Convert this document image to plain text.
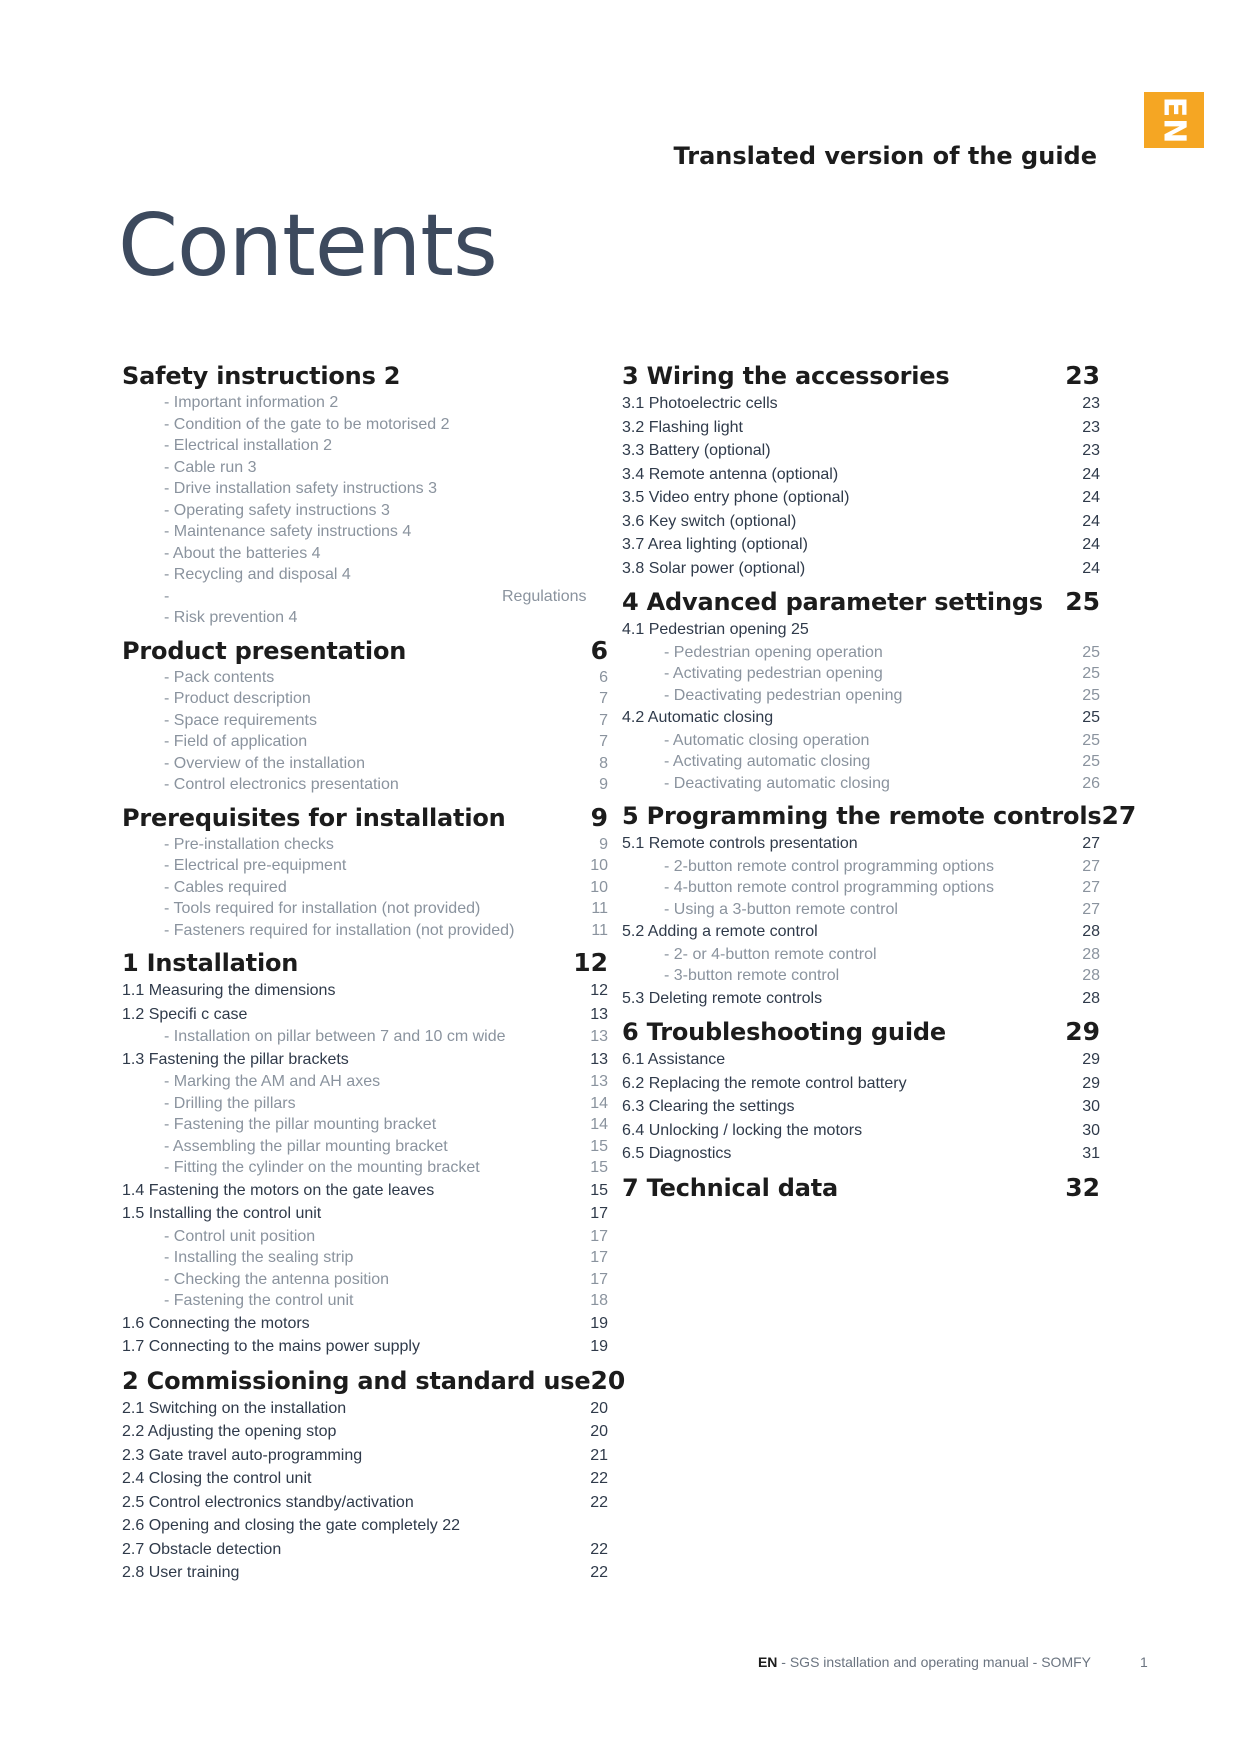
EN
Translated version of the guide
Contents
Safety instructions 2
- Important information 2
- Condition of the gate to be motorised 2
- Electrical installation 2
- Cable run 3
- Drive installation safety instructions 3
- Operating safety instructions 3
- Maintenance safety instructions 4
- About the batteries 4
- Recycling and disposal 4
-	Regulations
- Risk prevention 4
Product presentation	6
- Pack contents	6
- Product description	7
- Space requirements	7
- Field of application	7
- Overview of the installation	8
- Control electronics presentation	9
Prerequisites for installation	9
- Pre-installation checks	9
- Electrical pre-equipment	10
- Cables required	10
- Tools required for installation (not provided)	11
- Fasteners required for installation (not provided)	11
1 Installation	12
1.1 Measuring the dimensions	12
1.2 Specifi c case	13
- Installation on pillar between 7 and 10 cm wide	13
1.3 Fastening the pillar brackets	13
- Marking the AM and AH axes	13
- Drilling the pillars	14
- Fastening the pillar mounting bracket	14
- Assembling the pillar mounting bracket	15
- Fitting the cylinder on the mounting bracket	15
1.4 Fastening the motors on the gate leaves	15
1.5 Installing the control unit	17
- Control unit position	17
- Installing the sealing strip	17
- Checking the antenna position	17
- Fastening the control unit	18
1.6 Connecting the motors	19
1.7 Connecting to the mains power supply	19
2 Commissioning and standard use 20
2.1 Switching on the installation	20
2.2 Adjusting the opening stop	20
2.3 Gate travel auto-programming	21
2.4 Closing the control unit	22
2.5 Control electronics standby/activation	22
2.6 Opening and closing the gate completely 22
2.7 Obstacle detection	22
2.8 User training	22
3 Wiring the accessories	23
3.1 Photoelectric cells	23
3.2 Flashing light	23
3.3 Battery (optional)	23
3.4 Remote antenna (optional)	24
3.5 Video entry phone (optional)	24
3.6 Key switch (optional)	24
3.7 Area lighting (optional)	24
3.8 Solar power (optional)	24
4 Advanced parameter settings 25
4.1 Pedestrian opening 25
- Pedestrian opening operation	25
- Activating pedestrian opening	25
- Deactivating pedestrian opening	25
4.2 Automatic closing	25
- Automatic closing operation	25
- Activating automatic closing	25
- Deactivating automatic closing	26
5 Programming the remote controls 27
5.1 Remote controls presentation	27
- 2-button remote control programming options	27
- 4-button remote control programming options	27
- Using a 3-button remote control	27
5.2 Adding a remote control	28
- 2- or 4-button remote control	28
- 3-button remote control	28
5.3 Deleting remote controls	28
6 Troubleshooting guide	29
6.1 Assistance	29
6.2 Replacing the remote control battery	29
6.3 Clearing the settings	30
6.4 Unlocking / locking the motors	30
6.5 Diagnostics	31
7 Technical data	32
EN - SGS installation and operating manual - SOMFY	1
